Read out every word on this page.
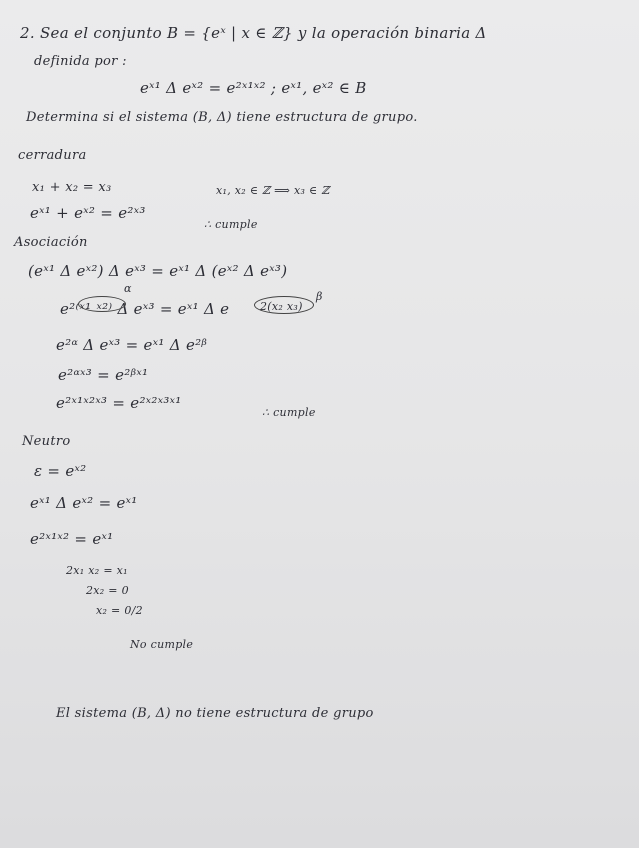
2. Sea el conjunto B = {eˣ | x ∈ ℤ} y la operación binaria Δ
definida por :
eˣ¹ Δ eˣ² = e²ˣ¹ˣ² ; eˣ¹, eˣ² ∈ B
Determina si el sistema (B, Δ) tiene estructura de grupo.
cerradura
x₁ + x₂ = x₃	x₁, x₂ ∈ ℤ ⟹ x₃ ∈ ℤ
eˣ¹ + eˣ² = e²ˣ³
∴ cumple
Asociación
(eˣ¹ Δ eˣ²) Δ eˣ³ = eˣ¹ Δ (eˣ² Δ eˣ³)
α
e²⁽ˣ¹ ˣ²⁾ Δ eˣ³ = eˣ¹ Δ e	2(x₂ x₃)
β
e²ᵅ Δ eˣ³ = eˣ¹ Δ e²ᵝ
e²ᵅˣ³ = e²ᵝˣ¹
e²ˣ¹ˣ²ˣ³ = e²ˣ²ˣ³ˣ¹
∴ cumple
Neutro
ε = eˣ²
eˣ¹ Δ eˣ² = eˣ¹
e²ˣ¹ˣ² = eˣ¹
2x₁ x₂ = x₁
2x₂ = 0
x₂ = 0/2
No cumple
El sistema (B, Δ) no tiene estructura de grupo
